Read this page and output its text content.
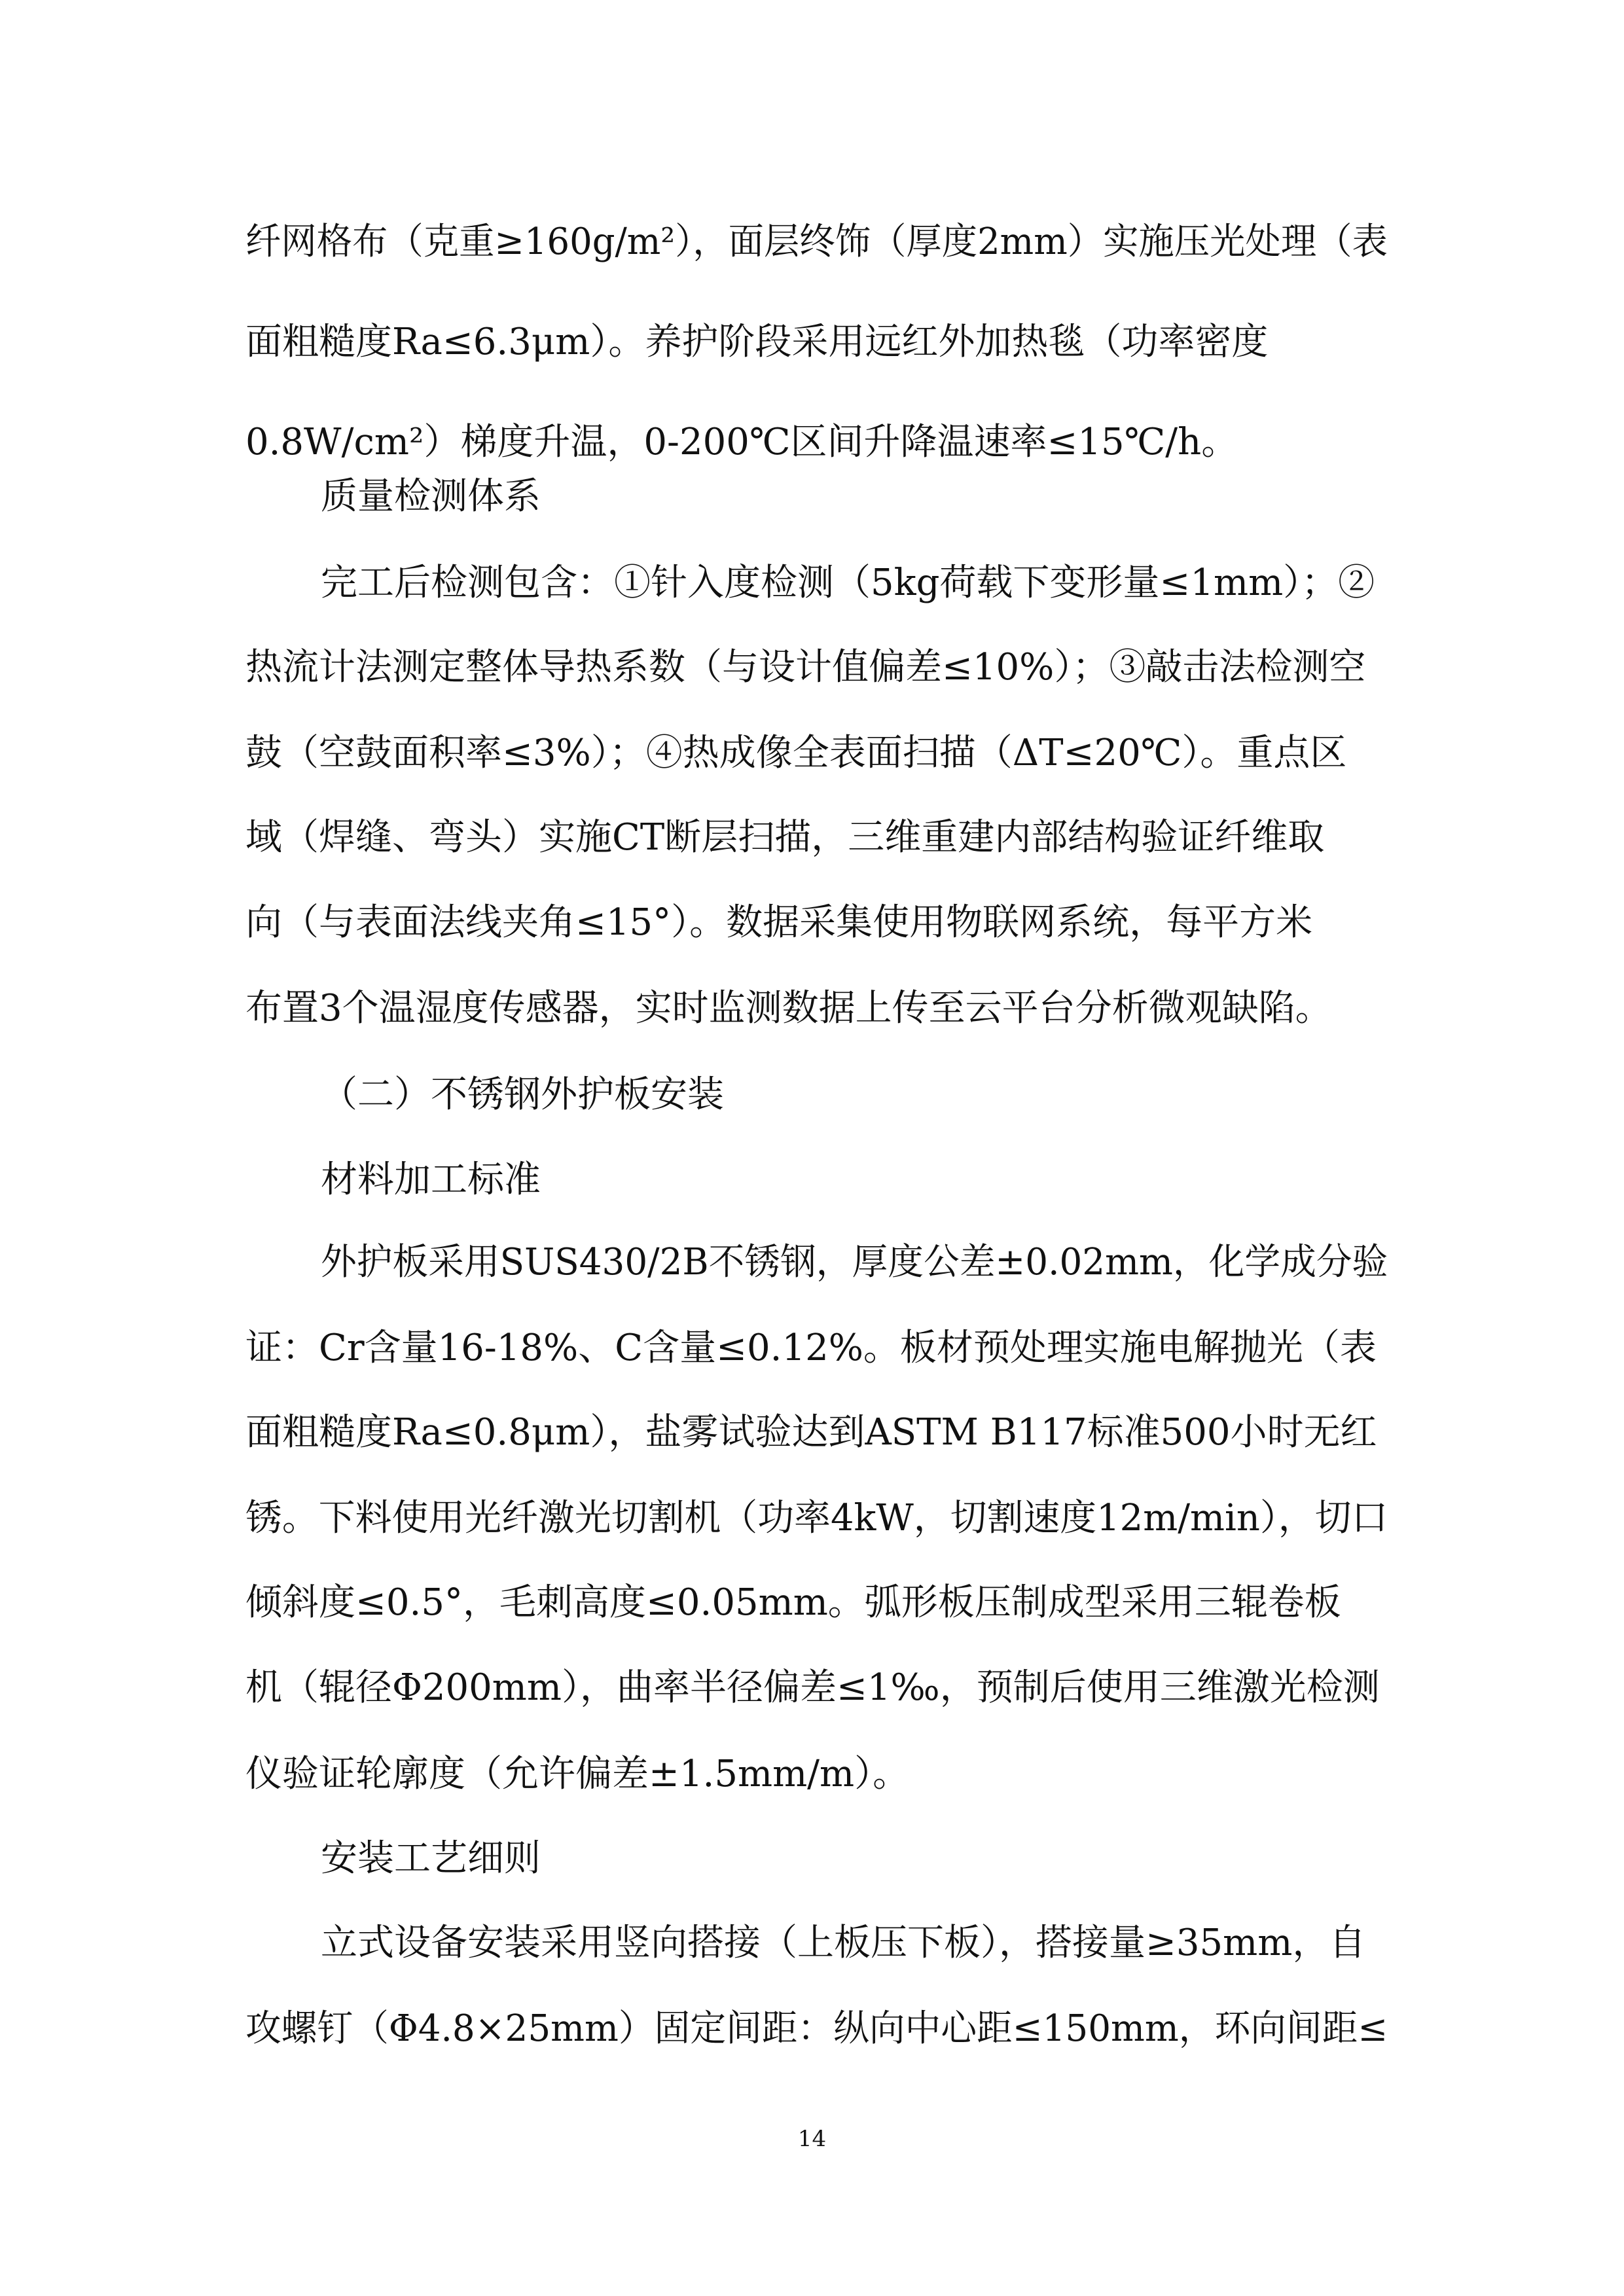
纤网格布（克重≥160g/m²），面层终饰（厚度2mm）实施压光处理（表
面粗糙度Ra≤6.3μm）。养护阶段采用远红外加热毯（功率密度
0.8W/cm²）梯度升温，0-200℃区间升降温速率≤15℃/h。
质量检测体系
完工后检测包含：①针入度检测（5kg荷载下变形量≤1mm）；②
热流计法测定整体导热系数（与设计值偏差≤10%）；③敲击法检测空
鼓（空鼓面积率≤3%）；④热成像全表面扫描（ΔT≤20℃）。重点区
域（焊缝、弯头）实施CT断层扫描，三维重建内部结构验证纤维取
向（与表面法线夹角≤15°）。数据采集使用物联网系统，每平方米
布置3个温湿度传感器，实时监测数据上传至云平台分析微观缺陷。
（二）不锈钢外护板安装
材料加工标准
外护板采用SUS430/2B不锈钢，厚度公差±0.02mm，化学成分验
证：Cr含量16-18%、C含量≤0.12%。板材预处理实施电解抛光（表
面粗糙度Ra≤0.8μm），盐雾试验达到ASTM B117标准500小时无红
锈。下料使用光纤激光切割机（功率4kW，切割速度12m/min），切口
倾斜度≤0.5°，毛刺高度≤0.05mm。弧形板压制成型采用三辊卷板
机（辊径Φ200mm），曲率半径偏差≤1‰，预制后使用三维激光检测
仪验证轮廓度（允许偏差±1.5mm/m）。
安装工艺细则
立式设备安装采用竖向搭接（上板压下板），搭接量≥35mm，自
攻螺钉（Φ4.8×25mm）固定间距：纵向中心距≤150mm，环向间距≤
14
